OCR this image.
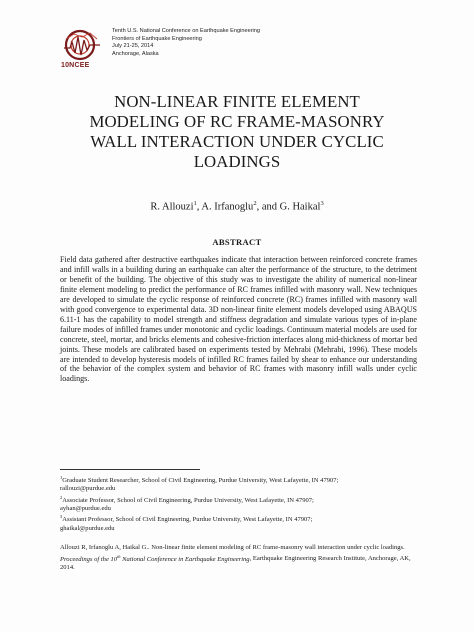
10NCEE
Tenth U.S. National Conference on Earthquake Engineering
Frontiers of Earthquake Engineering
July 21-25, 2014
Anchorage, Alaska
NON-LINEAR FINITE ELEMENT
MODELING OF RC FRAME-MASONRY
WALL INTERACTION UNDER CYCLIC
LOADINGS
R. Allouzi$^1$, A. Irfanoglu$^2$, and G. Haikal$^3$
ABSTRACT
Field data gathered after destructive earthquakes indicate that interaction between reinforced concrete frames and infill walls in a building during an earthquake can alter the performance of the structure, to the detriment or benefit of the building. The objective of this study was to investigate the ability of numerical non-linear finite element modeling to predict the performance of RC frames infilled with masonry wall. New techniques are developed to simulate the cyclic response of reinforced concrete (RC) frames infilled with masonry wall with good convergence to experimental data. 3D non-linear finite element models developed using ABAQUS 6.11-1 has the capability to model strength and stiffness degradation and simulate various types of in-plane failure modes of infilled frames under monotonic and cyclic loadings. Continuum material models are used for concrete, steel, mortar, and bricks elements and cohesive-friction interfaces along mid-thickness of mortar bed joints. These models are calibrated based on experiments tested by Mehrabi (Mehrabi, 1996). These models are intended to develop hysteresis models of infilled RC frames failed by shear to enhance our understanding of the behavior of the complex system and behavior of RC frames with masonry infill walls under cyclic loadings.
$^1$Graduate Student Researcher, School of Civil Engineering, Purdue University, West Lafayette, IN 47907;
rallouzi@purdue.edu
$^2$Associate Professor, School of Civil Engineering, Purdue University, West Lafayette, IN 47907;
ayhan@purdue.edu
$^3$Assistant Professor, School of Civil Engineering, Purdue University, West Lafayette, IN 47907;
ghaikal@purdue.edu
Allouzi R, Irfanoglu A, Haikal G.. Non-linear finite element modeling of RC frame-masonry wall interaction under cyclic loadings. Proceedings of the 10th National Conference in Earthquake Engineering, Earthquake Engineering Research Institute, Anchorage, AK, 2014.
